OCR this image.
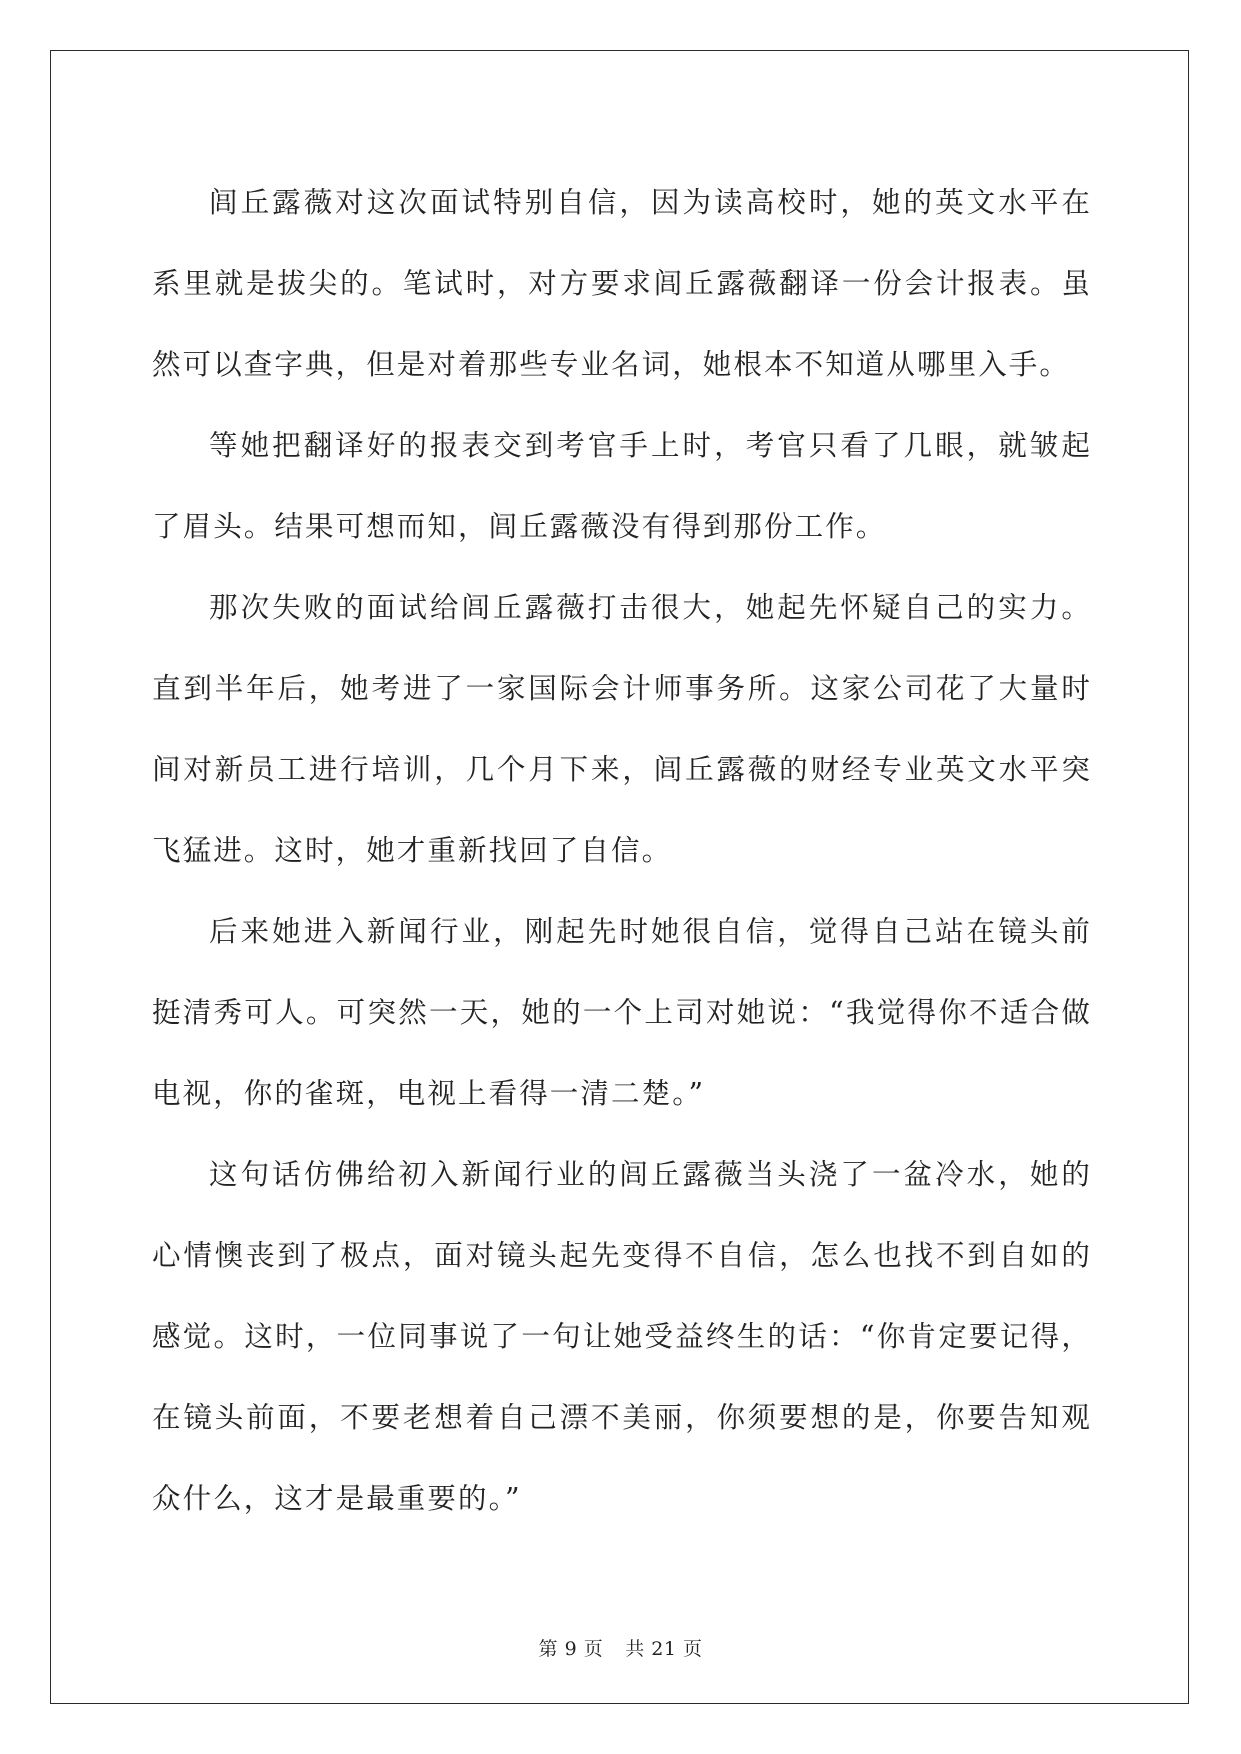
闾丘露薇对这次面试特别自信，因为读高校时，她的英文水平在系里就是拔尖的。笔试时，对方要求闾丘露薇翻译一份会计报表。虽然可以查字典，但是对着那些专业名词，她根本不知道从哪里入手。

等她把翻译好的报表交到考官手上时，考官只看了几眼，就皱起了眉头。结果可想而知，闾丘露薇没有得到那份工作。

那次失败的面试给闾丘露薇打击很大，她起先怀疑自己的实力。直到半年后，她考进了一家国际会计师事务所。这家公司花了大量时间对新员工进行培训，几个月下来，闾丘露薇的财经专业英文水平突飞猛进。这时，她才重新找回了自信。

后来她进入新闻行业，刚起先时她很自信，觉得自己站在镜头前挺清秀可人。可突然一天，她的一个上司对她说：“我觉得你不适合做电视，你的雀斑，电视上看得一清二楚。”

这句话仿佛给初入新闻行业的闾丘露薇当头浇了一盆冷水，她的心情懊丧到了极点，面对镜头起先变得不自信，怎么也找不到自如的感觉。这时，一位同事说了一句让她受益终生的话：“你肯定要记得，在镜头前面，不要老想着自己漂不美丽，你须要想的是，你要告知观众什么，这才是最重要的。”

第 9 页 共 21 页
